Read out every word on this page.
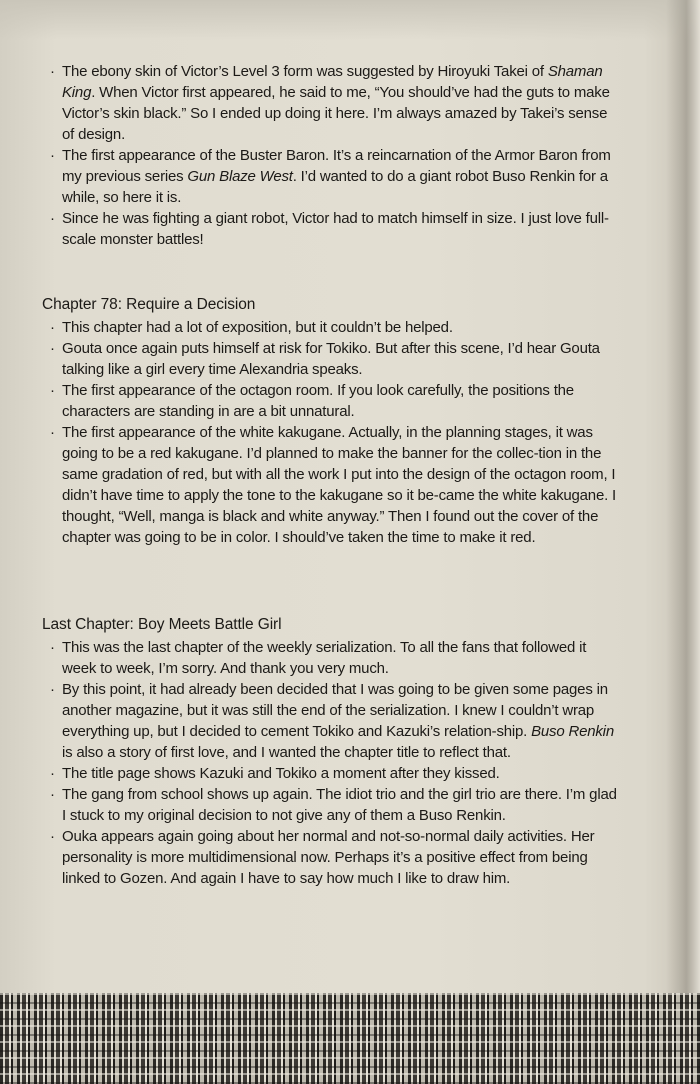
· The ebony skin of Victor’s Level 3 form was suggested by Hiroyuki Takei of Shaman King. When Victor first appeared, he said to me, “You should’ve had the guts to make Victor’s skin black.” So I ended up doing it here. I’m always amazed by Takei’s sense of design.
· The first appearance of the Buster Baron. It’s a reincarnation of the Armor Baron from my previous series Gun Blaze West. I’d wanted to do a giant robot Buso Renkin for a while, so here it is.
· Since he was fighting a giant robot, Victor had to match himself in size. I just love full-scale monster battles!
Chapter 78: Require a Decision
· This chapter had a lot of exposition, but it couldn’t be helped.
· Gouta once again puts himself at risk for Tokiko. But after this scene, I’d hear Gouta talking like a girl every time Alexandria speaks.
· The first appearance of the octagon room. If you look carefully, the positions the characters are standing in are a bit unnatural.
· The first appearance of the white kakugane. Actually, in the planning stages, it was going to be a red kakugane. I’d planned to make the banner for the collec-tion in the same gradation of red, but with all the work I put into the design of the octagon room, I didn’t have time to apply the tone to the kakugane so it be-came the white kakugane. I thought, “Well, manga is black and white anyway.” Then I found out the cover of the chapter was going to be in color. I should’ve taken the time to make it red.
Last Chapter: Boy Meets Battle Girl
· This was the last chapter of the weekly serialization. To all the fans that followed it week to week, I’m sorry. And thank you very much.
· By this point, it had already been decided that I was going to be given some pages in another magazine, but it was still the end of the serialization. I knew I couldn’t wrap everything up, but I decided to cement Tokiko and Kazuki’s relation-ship. Buso Renkin is also a story of first love, and I wanted the chapter title to reflect that.
· The title page shows Kazuki and Tokiko a moment after they kissed.
· The gang from school shows up again. The idiot trio and the girl trio are there. I’m glad I stuck to my original decision to not give any of them a Buso Renkin.
· Ouka appears again going about her normal and not-so-normal daily activities. Her personality is more multidimensional now. Perhaps it’s a positive effect from being linked to Gozen. And again I have to say how much I like to draw him.
